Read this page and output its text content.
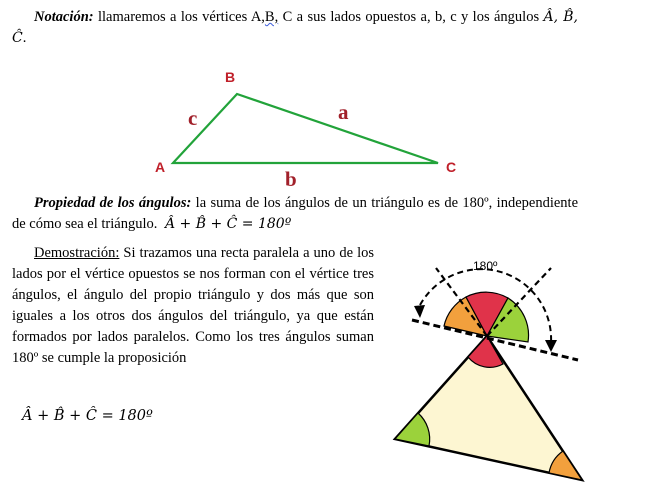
Notación: llamaremos a los vértices A,B, C a sus lados opuestos a, b, c y los ángulos Â, B̂, Ĉ.
B
A	C
c	a
b
180º
Propiedad de los ángulos: la suma de los ángulos de un triángulo es de 180º, independiente de cómo sea el triángulo. Â + B̂ + Ĉ = 180º
Demostración: Si trazamos una recta paralela a uno de los lados por el vértice opuestos se nos forman con el vértice tres ángulos, el ángulo del propio triángulo y dos más que son iguales a los otros dos ángulos del triángulo, ya que están formados por lados paralelos. Como los tres ángulos suman 180º se cumple la proposición
Â + B̂ + Ĉ = 180º
